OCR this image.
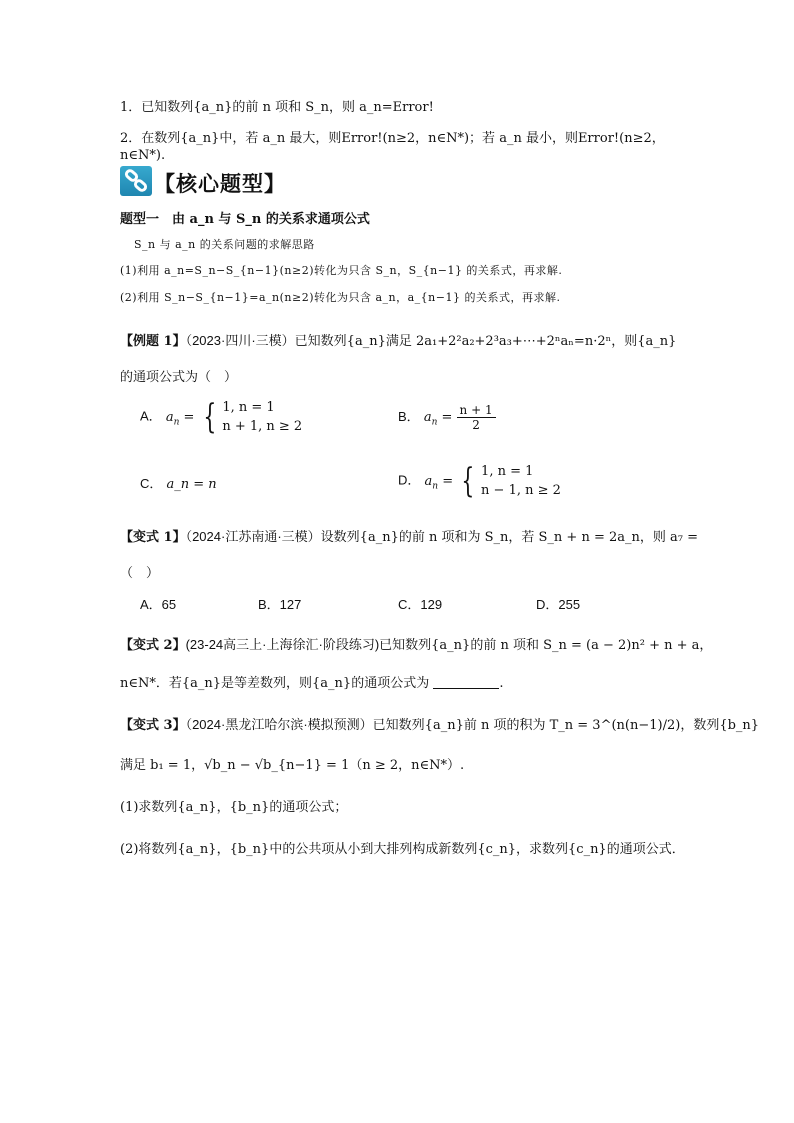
1．已知数列{a_n}的前 n 项和 S_n，则 a_n=Error!
2．在数列{a_n}中，若 a_n 最大，则Error!(n≥2，n∈N*)；若 a_n 最小，则Error!(n≥2，
n∈N*).
【核心题型】
题型一　由 a_n 与 S_n 的关系求通项公式
S_n 与 a_n 的关系问题的求解思路
(1)利用 a_n=S_n−S_{n−1}(n≥2)转化为只含 S_n，S_{n−1} 的关系式，再求解.
(2)利用 S_n−S_{n−1}=a_n(n≥2)转化为只含 a_n，a_{n−1} 的关系式，再求解.
【例题 1】（2023·四川·三模）已知数列{a_n}满足 2a₁+2²a₂+2³a₃+⋯+2ⁿaₙ=n·2ⁿ，则{a_n}
的通项公式为（　）
A． $a_n$ = { 1, n = 1
n + 1, n ≥ 2
B． $a_n = \frac{n + 1}{2}$
C． a_n = n	D． $a_n$ = { 1, n = 1
n − 1, n ≥ 2
【变式 1】（2024·江苏南通·三模）设数列{a_n}的前 n 项和为 S_n，若 S_n + n = 2a_n，则 a₇ =
（　）
A．65	B．127	C．129	D．255
【变式 2】(23-24高三上·上海徐汇·阶段练习)已知数列{a_n}的前 n 项和 S_n = (a − 2)n² + n + a，
n∈N*．若{a_n}是等差数列，则{a_n}的通项公式为	.
【变式 3】（2024·黑龙江哈尔滨·模拟预测）已知数列{a_n}前 n 项的积为 T_n = 3^(n(n−1)/2)，数列{b_n}
满足 b₁ = 1，√b_n − √b_{n−1} = 1（n ≥ 2，n∈N*）.
(1)求数列{a_n}，{b_n}的通项公式；
(2)将数列{a_n}，{b_n}中的公共项从小到大排列构成新数列{c_n}，求数列{c_n}的通项公式．
